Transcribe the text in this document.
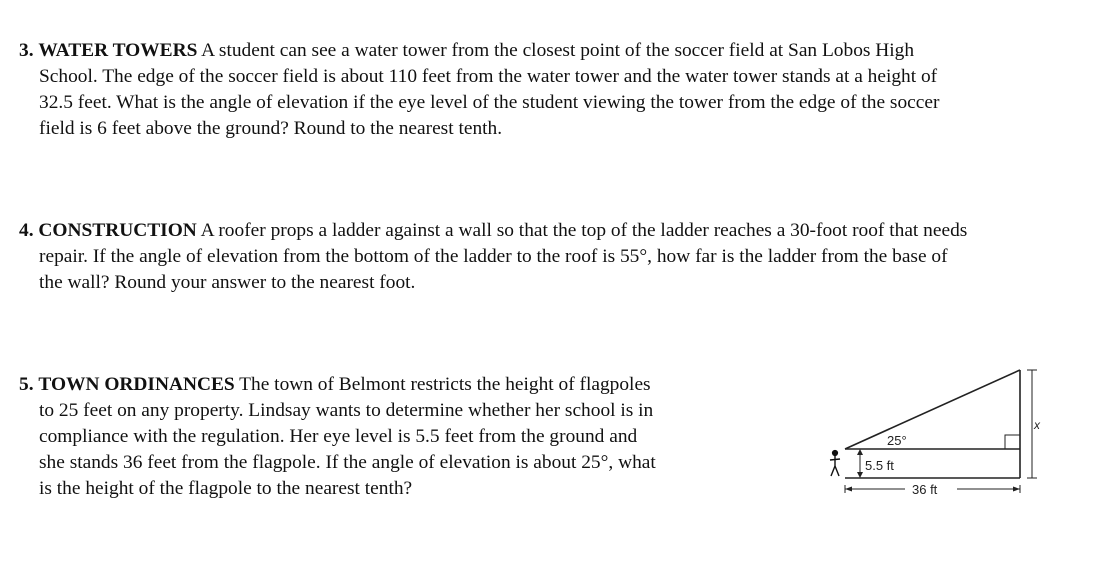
3. WATER TOWERS A student can see a water tower from the closest point of the soccer field at San Lobos High
School. The edge of the soccer field is about 110 feet from the water tower and the water tower stands at a height of
32.5 feet. What is the angle of elevation if the eye level of the student viewing the tower from the edge of the soccer
field is 6 feet above the ground? Round to the nearest tenth.
4. CONSTRUCTION A roofer props a ladder against a wall so that the top of the ladder reaches a 30-foot roof that needs
repair. If the angle of elevation from the bottom of the ladder to the roof is 55°, how far is the ladder from the base of
the wall? Round your answer to the nearest foot.
5. TOWN ORDINANCES The town of Belmont restricts the height of flagpoles
to 25 feet on any property. Lindsay wants to determine whether her school is in
compliance with the regulation. Her eye level is 5.5 feet from the ground and
she stands 36 feet from the flagpole. If the angle of elevation is about 25°, what
is the height of the flagpole to the nearest tenth?
x
25°
5.5 ft
36 ft
